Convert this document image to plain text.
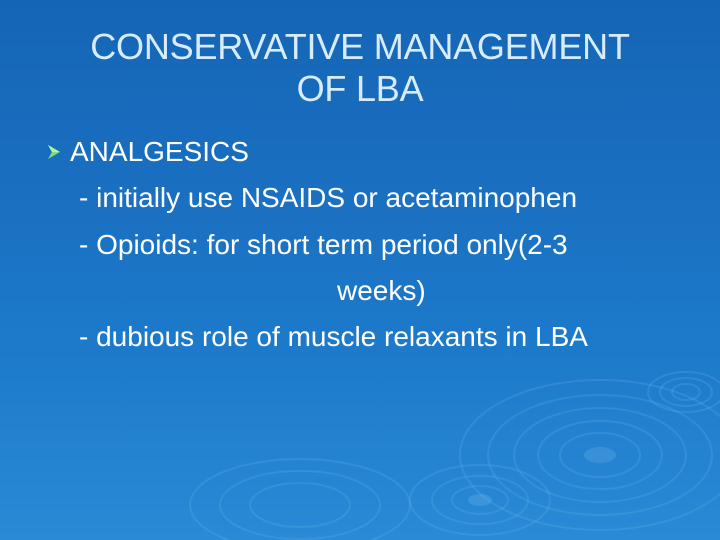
CONSERVATIVE MANAGEMENT
OF LBA
ANALGESICS
- initially use NSAIDS or acetaminophen
- Opioids: for short term period only(2-3
weeks)
- dubious role of muscle relaxants in LBA
